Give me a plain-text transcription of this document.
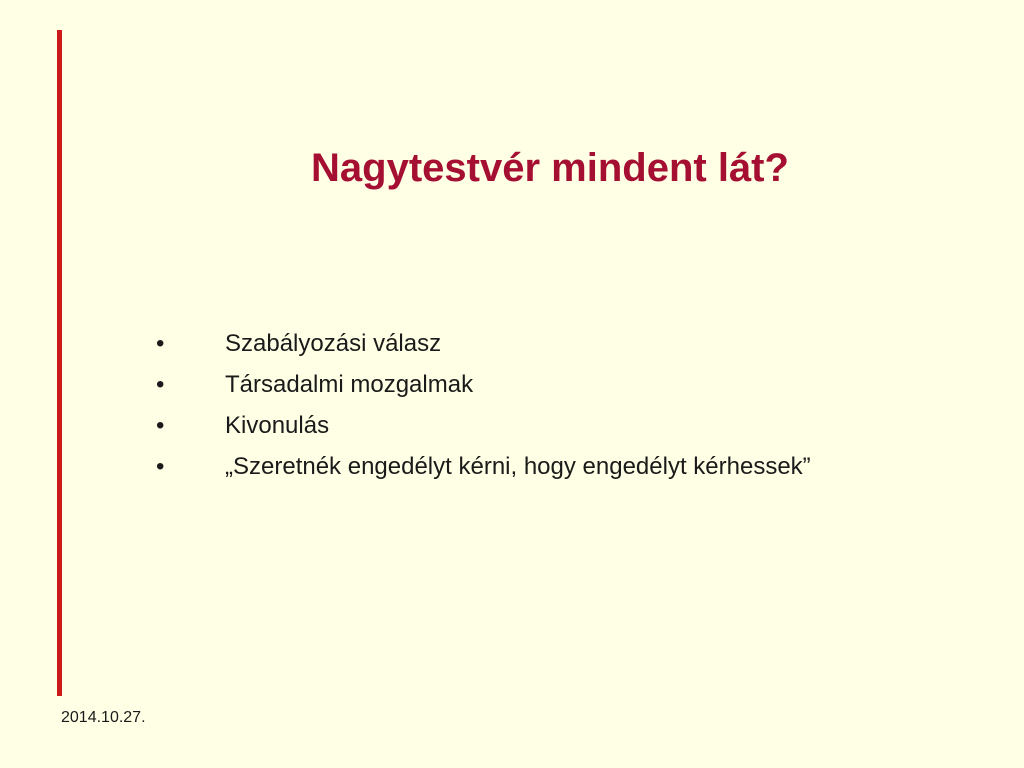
Nagytestvér mindent lát?
•	Szabályozási válasz
•	Társadalmi mozgalmak
•	Kivonulás
•	„Szeretnék engedélyt kérni, hogy engedélyt kérhessek”
2014.10.27.
